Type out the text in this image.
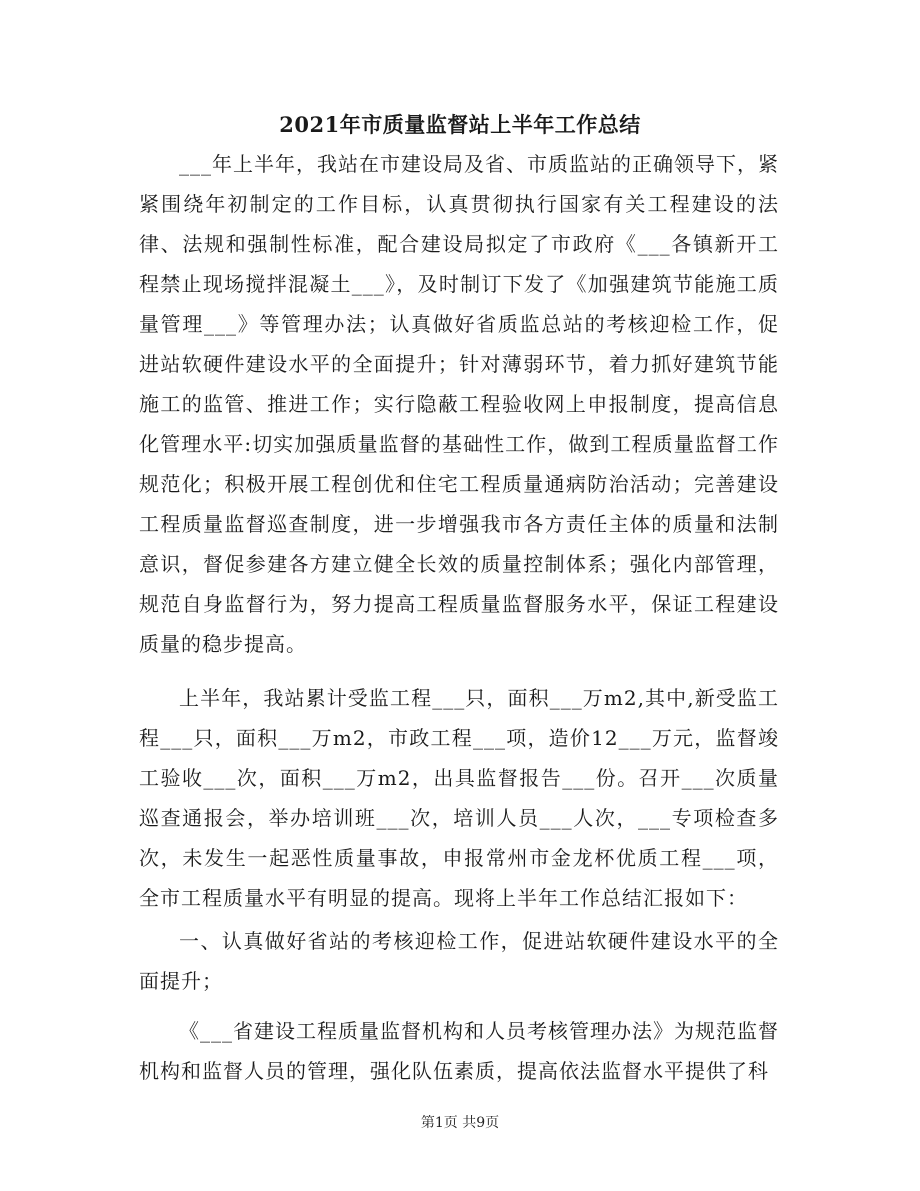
2021年市质量监督站上半年工作总结

___年上半年，我站在市建设局及省、市质监站的正确领导下，紧紧围绕年初制定的工作目标，认真贯彻执行国家有关工程建设的法律、法规和强制性标准，配合建设局拟定了市政府《___各镇新开工程禁止现场搅拌混凝土___》，及时制订下发了《加强建筑节能施工质量管理___》等管理办法；认真做好省质监总站的考核迎检工作，促进站软硬件建设水平的全面提升；针对薄弱环节，着力抓好建筑节能施工的监管、推进工作；实行隐蔽工程验收网上申报制度，提高信息化管理水平:切实加强质量监督的基础性工作，做到工程质量监督工作规范化；积极开展工程创优和住宅工程质量通病防治活动；完善建设工程质量监督巡查制度，进一步增强我市各方责任主体的质量和法制意识，督促参建各方建立健全长效的质量控制体系；强化内部管理，规范自身监督行为，努力提高工程质量监督服务水平，保证工程建设质量的稳步提高。

上半年，我站累计受监工程___只，面积___万m2,其中,新受监工程___只，面积___万m2，市政工程___项，造价12___万元，监督竣工验收___次，面积___万m2，出具监督报告___份。召开___次质量巡查通报会，举办培训班___次，培训人员___人次，___专项检查多次，未发生一起恶性质量事故，申报常州市金龙杯优质工程___项，全市工程质量水平有明显的提高。现将上半年工作总结汇报如下：

一、认真做好省站的考核迎检工作，促进站软硬件建设水平的全面提升；

《___省建设工程质量监督机构和人员考核管理办法》为规范监督机构和监督人员的管理，强化队伍素质，提高依法监督水平提供了科

第1页 共9页
